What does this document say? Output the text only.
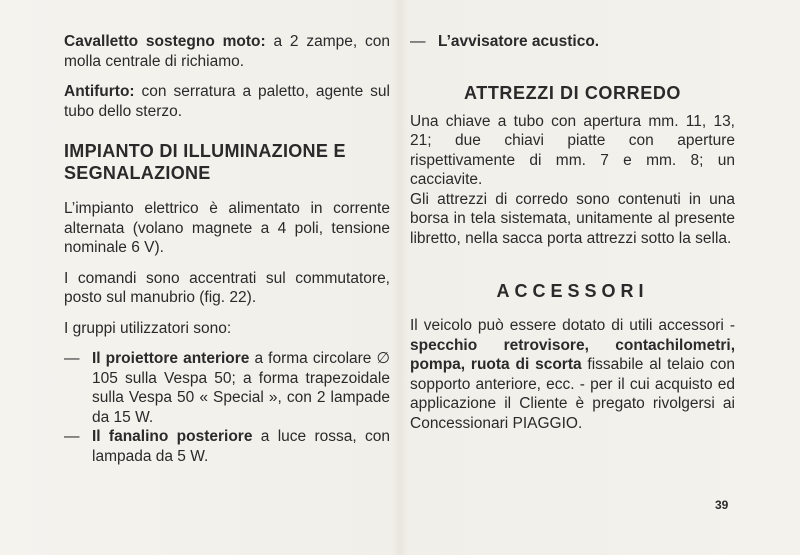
Cavalletto sostegno moto: a 2 zampe, con molla centrale di richiamo.

Antifurto: con serratura a paletto, agente sul tubo dello sterzo.

IMPIANTO DI ILLUMINAZIONE E SEGNALAZIONE

L’impianto elettrico è alimentato in corrente alternata (volano magnete a 4 poli, tensione nominale 6 V).

I comandi sono accentrati sul commutatore, posto sul manubrio (fig. 22).

I gruppi utilizzatori sono:

— Il proiettore anteriore a forma circolare ∅ 105 sulla Vespa 50; a forma trapezoidale sulla Vespa 50 « Special », con 2 lampade da 15 W.

— Il fanalino posteriore a luce rossa, con lampada da 5 W.

— L’avvisatore acustico.

ATTREZZI DI CORREDO

Una chiave a tubo con apertura mm. 11, 13, 21; due chiavi piatte con aperture rispettivamente di mm. 7 e mm. 8; un cacciavite.

Gli attrezzi di corredo sono contenuti in una borsa in tela sistemata, unitamente al presente libretto, nella sacca porta attrezzi sotto la sella.

ACCESSORI

Il veicolo può essere dotato di utili accessori - specchio retrovisore, contachilometri, pompa, ruota di scorta fissabile al telaio con sopporto anteriore, ecc. - per il cui acquisto ed applicazione il Cliente è pregato rivolgersi ai Concessionari PIAGGIO.

39
